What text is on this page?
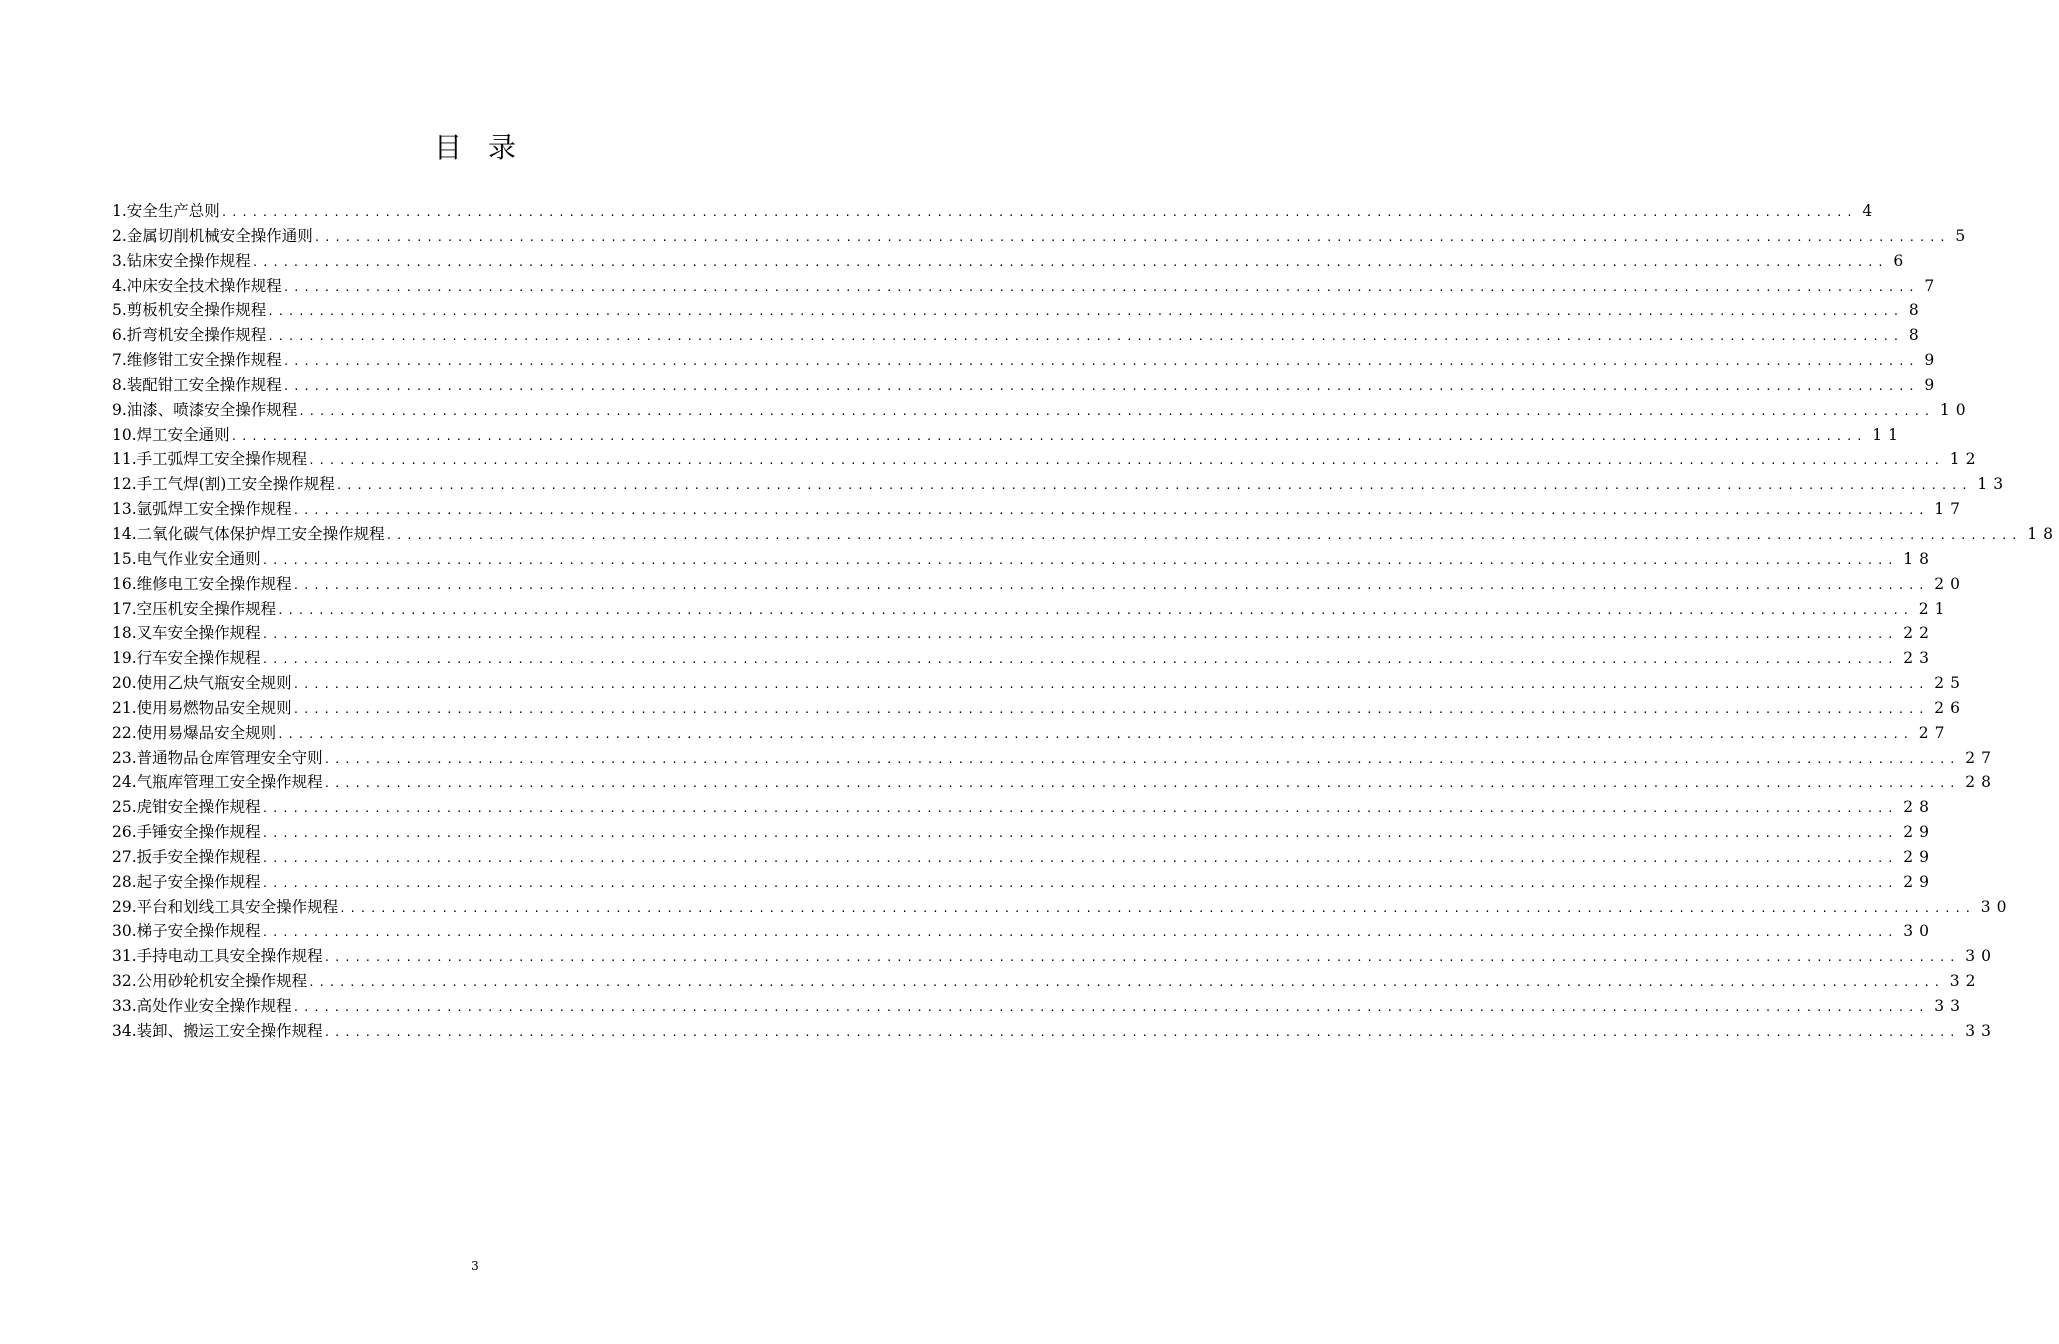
目录
1.安全生产总则 ................................................................................................................................................................ 4
2.金属切削机械安全操作通则 ................................................................................................................................................................ 5
3.钻床安全操作规程 ................................................................................................................................................................ 6
4.冲床安全技术操作规程 ................................................................................................................................................................ 7
5.剪板机安全操作规程 ................................................................................................................................................................ 8
6.折弯机安全操作规程 ................................................................................................................................................................ 8
7.维修钳工安全操作规程 ................................................................................................................................................................ 9
8.装配钳工安全操作规程 ................................................................................................................................................................ 9
9.油漆、喷漆安全操作规程 ................................................................................................................................................................ 10
10.焊工安全通则 ................................................................................................................................................................ 11
11.手工弧焊工安全操作规程 ................................................................................................................................................................ 12
12.手工气焊(割)工安全操作规程 ................................................................................................................................................................ 13
13.氩弧焊工安全操作规程 ................................................................................................................................................................ 17
14.二氧化碳气体保护焊工安全操作规程 ................................................................................................................................................................ 18
15.电气作业安全通则 ................................................................................................................................................................ 18
16.维修电工安全操作规程 ................................................................................................................................................................ 20
17.空压机安全操作规程 ................................................................................................................................................................ 21
18.叉车安全操作规程 ................................................................................................................................................................ 22
19.行车安全操作规程 ................................................................................................................................................................ 23
20.使用乙炔气瓶安全规则 ................................................................................................................................................................ 25
21.使用易燃物品安全规则 ................................................................................................................................................................ 26
22.使用易爆品安全规则 ................................................................................................................................................................ 27
23.普通物品仓库管理安全守则 ................................................................................................................................................................ 27
24.气瓶库管理工安全操作规程 ................................................................................................................................................................ 28
25.虎钳安全操作规程 ................................................................................................................................................................ 28
26.手锤安全操作规程 ................................................................................................................................................................ 29
27.扳手安全操作规程 ................................................................................................................................................................ 29
28.起子安全操作规程 ................................................................................................................................................................ 29
29.平台和划线工具安全操作规程 ................................................................................................................................................................ 30
30.梯子安全操作规程 ................................................................................................................................................................ 30
31.手持电动工具安全操作规程 ................................................................................................................................................................ 30
32.公用砂轮机安全操作规程 ................................................................................................................................................................ 32
33.高处作业安全操作规程 ................................................................................................................................................................ 33
34.装卸、搬运工安全操作规程 ................................................................................................................................................................ 33
3
